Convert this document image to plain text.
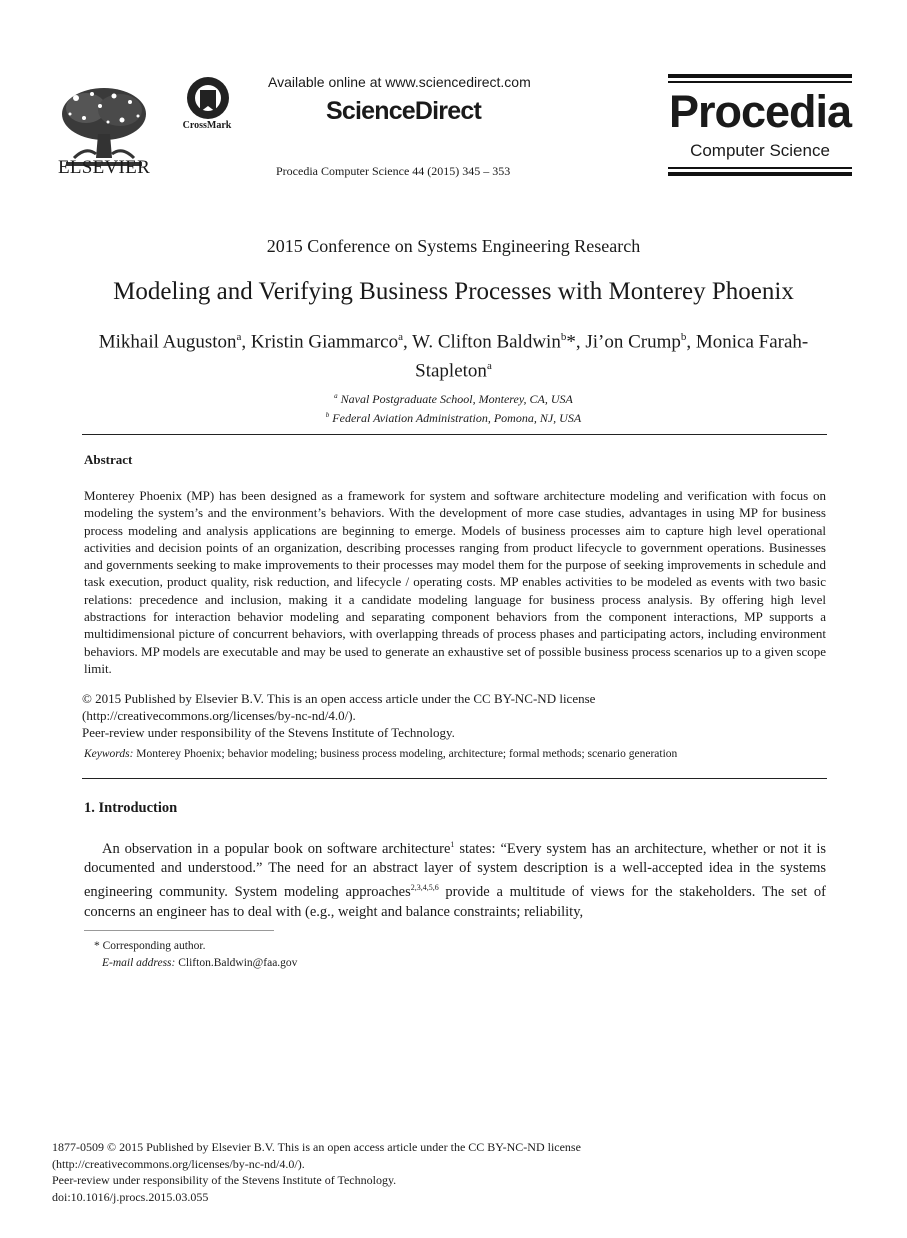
ELSEVIER
CrossMark
Available online at www.sciencedirect.com
ScienceDirect
Procedia Computer Science 44 (2015) 345 – 353
Procedia
Computer Science
2015 Conference on Systems Engineering Research
Modeling and Verifying Business Processes with Monterey Phoenix
Mikhail Auguston$^a$, Kristin Giammarco$^a$, W. Clifton Baldwin$^b$*, Ji’on Crump$^b$, Monica Farah-Stapleton$^a$
$^a$ Naval Postgraduate School, Monterey, CA, USA
$^b$ Federal Aviation Administration, Pomona, NJ, USA
Abstract
Monterey Phoenix (MP) has been designed as a framework for system and software architecture modeling and verification with focus on modeling the system’s and the environment’s behaviors. With the development of more case studies, advantages in using MP for business process modeling and analysis applications are beginning to emerge. Models of business processes aim to capture high level operational activities and decision points of an organization, describing processes ranging from product lifecycle to government operations. Businesses and governments seeking to make improvements to their processes may model them for the purpose of seeking improvements in schedule and task execution, product quality, risk reduction, and lifecycle / operating costs. MP enables activities to be modeled as events with two basic relations: precedence and inclusion, making it a candidate modeling language for business process analysis. By offering high level abstractions for interaction behavior modeling and separating component behaviors from the component interactions, MP supports a multidimensional picture of concurrent behaviors, with overlapping threads of process phases and participating actors, including environment behaviors. MP models are executable and may be used to generate an exhaustive set of possible business process scenarios up to a given scope limit.
© 2015 Published by Elsevier B.V. This is an open access article under the CC BY-NC-ND license
(http://creativecommons.org/licenses/by-nc-nd/4.0/).
Peer-review under responsibility of the Stevens Institute of Technology.
Keywords: Monterey Phoenix; behavior modeling; business process modeling, architecture; formal methods; scenario generation
1. Introduction
An observation in a popular book on software architecture$^1$ states: “Every system has an architecture, whether or not it is documented and understood.” The need for an abstract layer of system description is a well-accepted idea in the systems engineering community. System modeling approaches$^{2,3,4,5,6}$ provide a multitude of views for the stakeholders. The set of concerns an engineer has to deal with (e.g., weight and balance constraints; reliability,
* Corresponding author.
E-mail address: Clifton.Baldwin@faa.gov
1877-0509 © 2015 Published by Elsevier B.V. This is an open access article under the CC BY-NC-ND license
(http://creativecommons.org/licenses/by-nc-nd/4.0/).
Peer-review under responsibility of the Stevens Institute of Technology.
doi:10.1016/j.procs.2015.03.055
